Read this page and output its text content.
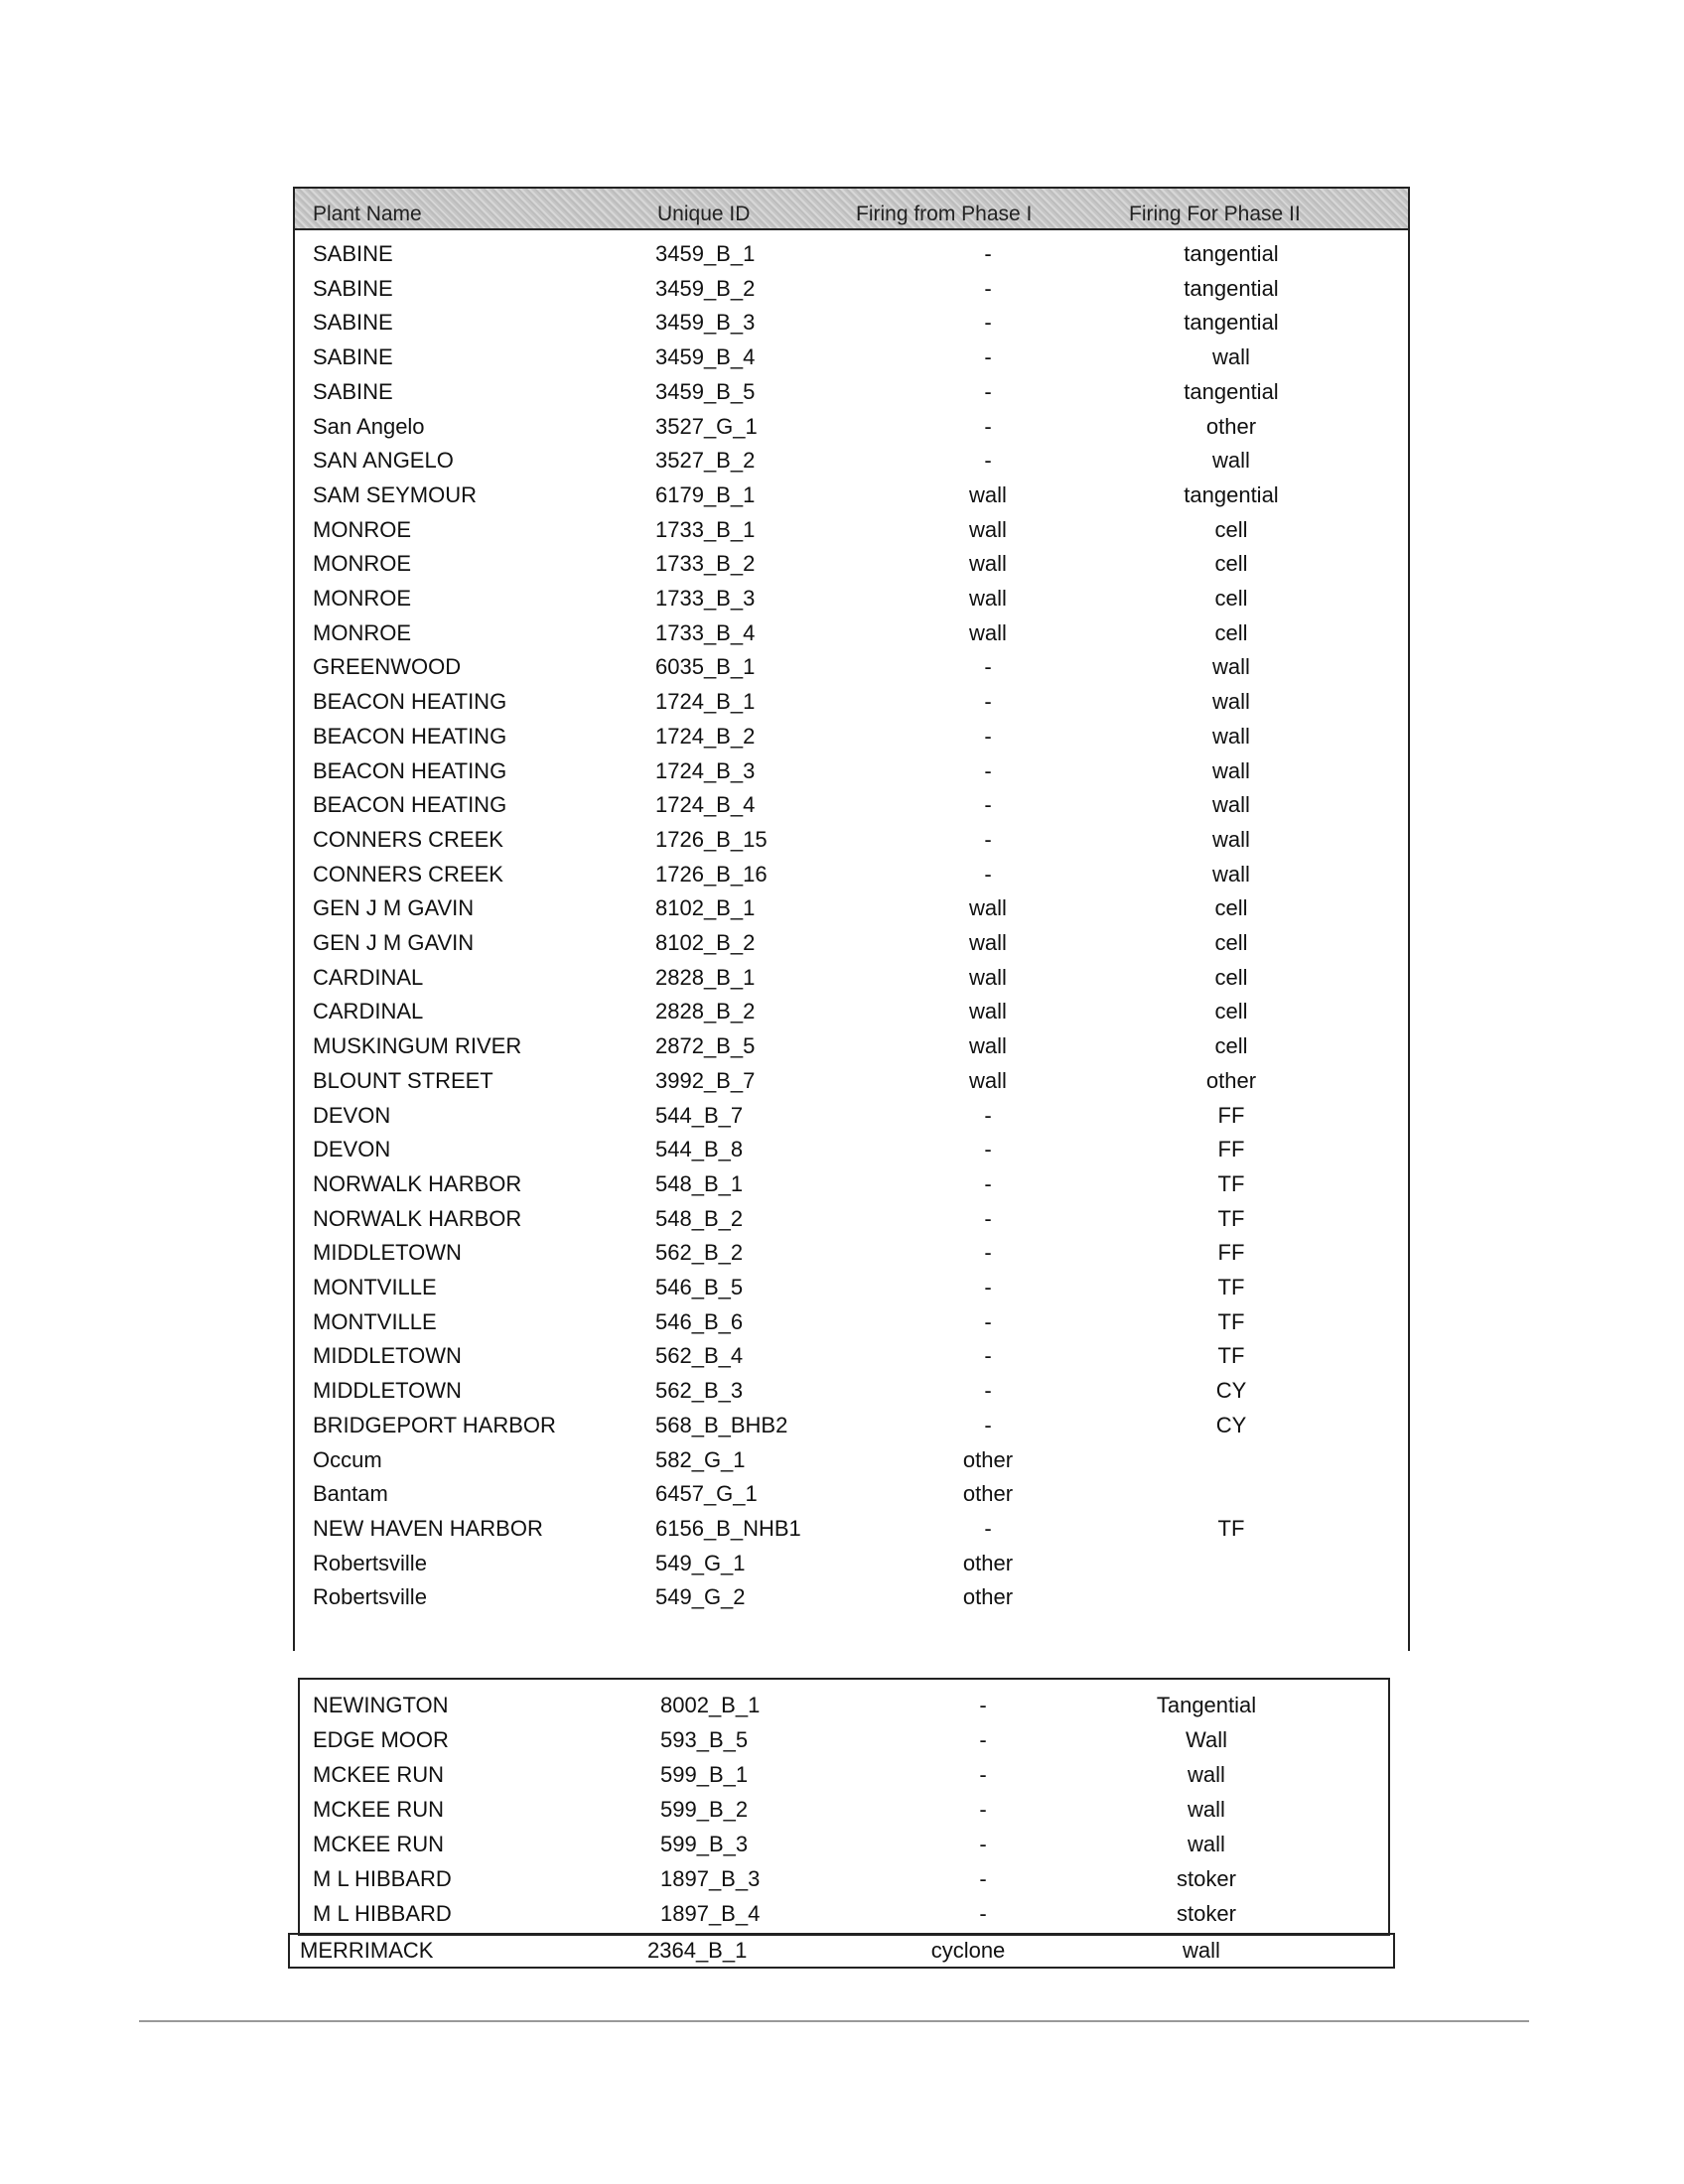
Plant Name	Unique ID	Firing from Phase I	Firing For Phase II
SABINE	3459_B_1	-	tangential
SABINE	3459_B_2	-	tangential
SABINE	3459_B_3	-	tangential
SABINE	3459_B_4	-	wall
SABINE	3459_B_5	-	tangential
San Angelo	3527_G_1	-	other
SAN ANGELO	3527_B_2	-	wall
SAM SEYMOUR	6179_B_1	wall	tangential
MONROE	1733_B_1	wall	cell
MONROE	1733_B_2	wall	cell
MONROE	1733_B_3	wall	cell
MONROE	1733_B_4	wall	cell
GREENWOOD	6035_B_1	-	wall
BEACON HEATING	1724_B_1	-	wall
BEACON HEATING	1724_B_2	-	wall
BEACON HEATING	1724_B_3	-	wall
BEACON HEATING	1724_B_4	-	wall
CONNERS CREEK	1726_B_15	-	wall
CONNERS CREEK	1726_B_16	-	wall
GEN J M GAVIN	8102_B_1	wall	cell
GEN J M GAVIN	8102_B_2	wall	cell
CARDINAL	2828_B_1	wall	cell
CARDINAL	2828_B_2	wall	cell
MUSKINGUM RIVER	2872_B_5	wall	cell
BLOUNT STREET	3992_B_7	wall	other
DEVON	544_B_7	-	FF
DEVON	544_B_8	-	FF
NORWALK HARBOR	548_B_1	-	TF
NORWALK HARBOR	548_B_2	-	TF
MIDDLETOWN	562_B_2	-	FF
MONTVILLE	546_B_5	-	TF
MONTVILLE	546_B_6	-	TF
MIDDLETOWN	562_B_4	-	TF
MIDDLETOWN	562_B_3	-	CY
BRIDGEPORT HARBOR	568_B_BHB2	-	CY
Occum	582_G_1	other
Bantam	6457_G_1	other
NEW HAVEN HARBOR	6156_B_NHB1	-	TF
Robertsville	549_G_1	other
Robertsville	549_G_2	other
NEWINGTON	8002_B_1	-	Tangential
EDGE MOOR	593_B_5	-	Wall
MCKEE RUN	599_B_1	-	wall
MCKEE RUN	599_B_2	-	wall
MCKEE RUN	599_B_3	-	wall
M L HIBBARD	1897_B_3	-	stoker
M L HIBBARD	1897_B_4	-	stoker
MERRIMACK	2364_B_1	cyclone	wall
